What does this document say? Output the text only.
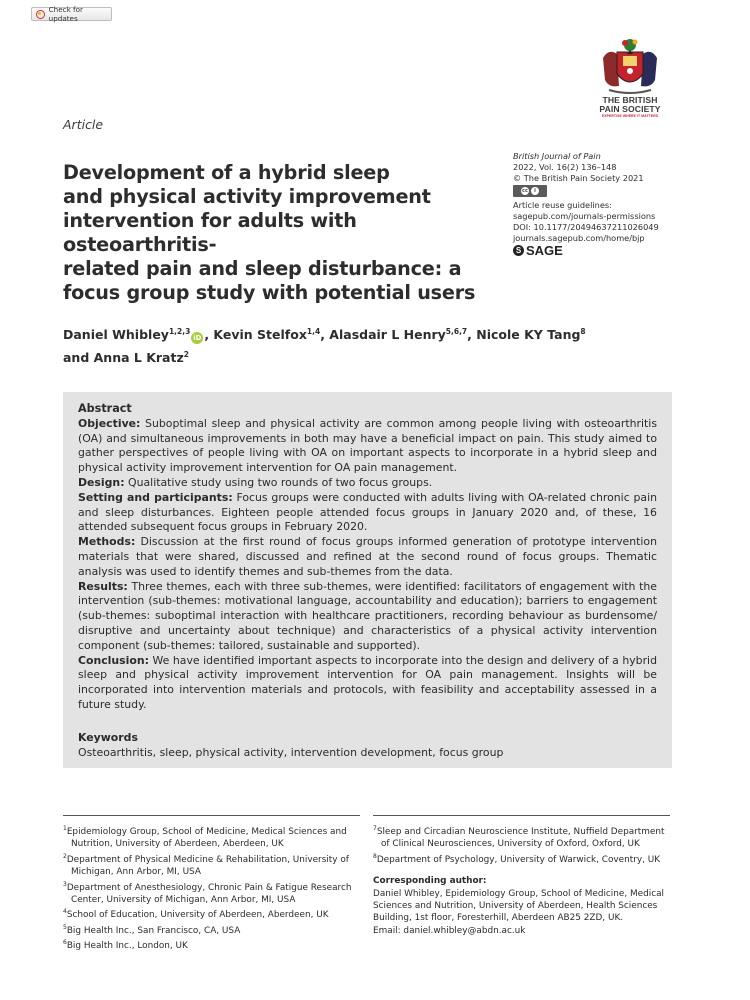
Check for updates
THE BRITISH
PAIN SOCIETY
EXPERTISE WHERE IT MATTERS
Article
Development of a hybrid sleep
and physical activity improvement
intervention for adults with osteoarthritis-
related pain and sleep disturbance: a
focus group study with potential users
British Journal of Pain
2022, Vol. 16(2) 136–148
© The British Pain Society 2021
cc	i
Article reuse guidelines:
sagepub.com/journals-permissions
DOI: 10.1177/20494637211026049
journals.sagepub.com/home/bjp
S SAGE
Daniel Whibley$^{1,2,3}$iD , Kevin Stelfox$^{1,4}$, Alasdair L Henry$^{5,6,7}$, Nicole KY Tang$^8$
and Anna L Kratz$^2$

Abstract

Objective: Suboptimal sleep and physical activity are common among people living with osteoarthritis (OA) and simultaneous improvements in both may have a beneficial impact on pain. This study aimed to gather perspectives of people living with OA on important aspects to incorporate in a hybrid sleep and physical activity improvement intervention for OA pain management.

Design: Qualitative study using two rounds of two focus groups.

Setting and participants: Focus groups were conducted with adults living with OA-related chronic pain and sleep disturbances. Eighteen people attended focus groups in January 2020 and, of these, 16 attended subsequent focus groups in February 2020.

Methods: Discussion at the first round of focus groups informed generation of prototype intervention materials that were shared, discussed and refined at the second round of focus groups. Thematic analysis was used to identify themes and sub-themes from the data.

Results: Three themes, each with three sub-themes, were identified: facilitators of engagement with the intervention (sub-themes: motivational language, accountability and education); barriers to engagement (sub-themes: suboptimal interaction with healthcare practitioners, recording behaviour as burdensome/ disruptive and uncertainty about technique) and characteristics of a physical activity intervention component (sub-themes: tailored, sustainable and supported).

Conclusion: We have identified important aspects to incorporate into the design and delivery of a hybrid sleep and physical activity improvement intervention for OA pain management. Insights will be incorporated into intervention materials and protocols, with feasibility and acceptability assessed in a future study.

Keywords

Osteoarthritis, sleep, physical activity, intervention development, focus group

$^1$Epidemiology Group, School of Medicine, Medical Sciences and Nutrition, University of Aberdeen, Aberdeen, UK
$^2$Department of Physical Medicine & Rehabilitation, University of Michigan, Ann Arbor, MI, USA
$^3$Department of Anesthesiology, Chronic Pain & Fatigue Research Center, University of Michigan, Ann Arbor, MI, USA
$^4$School of Education, University of Aberdeen, Aberdeen, UK
$^5$Big Health Inc., San Francisco, CA, USA
$^6$Big Health Inc., London, UK
$^7$Sleep and Circadian Neuroscience Institute, Nuffield Department of Clinical Neurosciences, University of Oxford, Oxford, UK
$^8$Department of Psychology, University of Warwick, Coventry, UK
Corresponding author:
Daniel Whibley, Epidemiology Group, School of Medicine, Medical Sciences and Nutrition, University of Aberdeen, Health Sciences Building, 1st floor, Foresterhill, Aberdeen AB25 2ZD, UK.
Email: daniel.whibley@abdn.ac.uk
